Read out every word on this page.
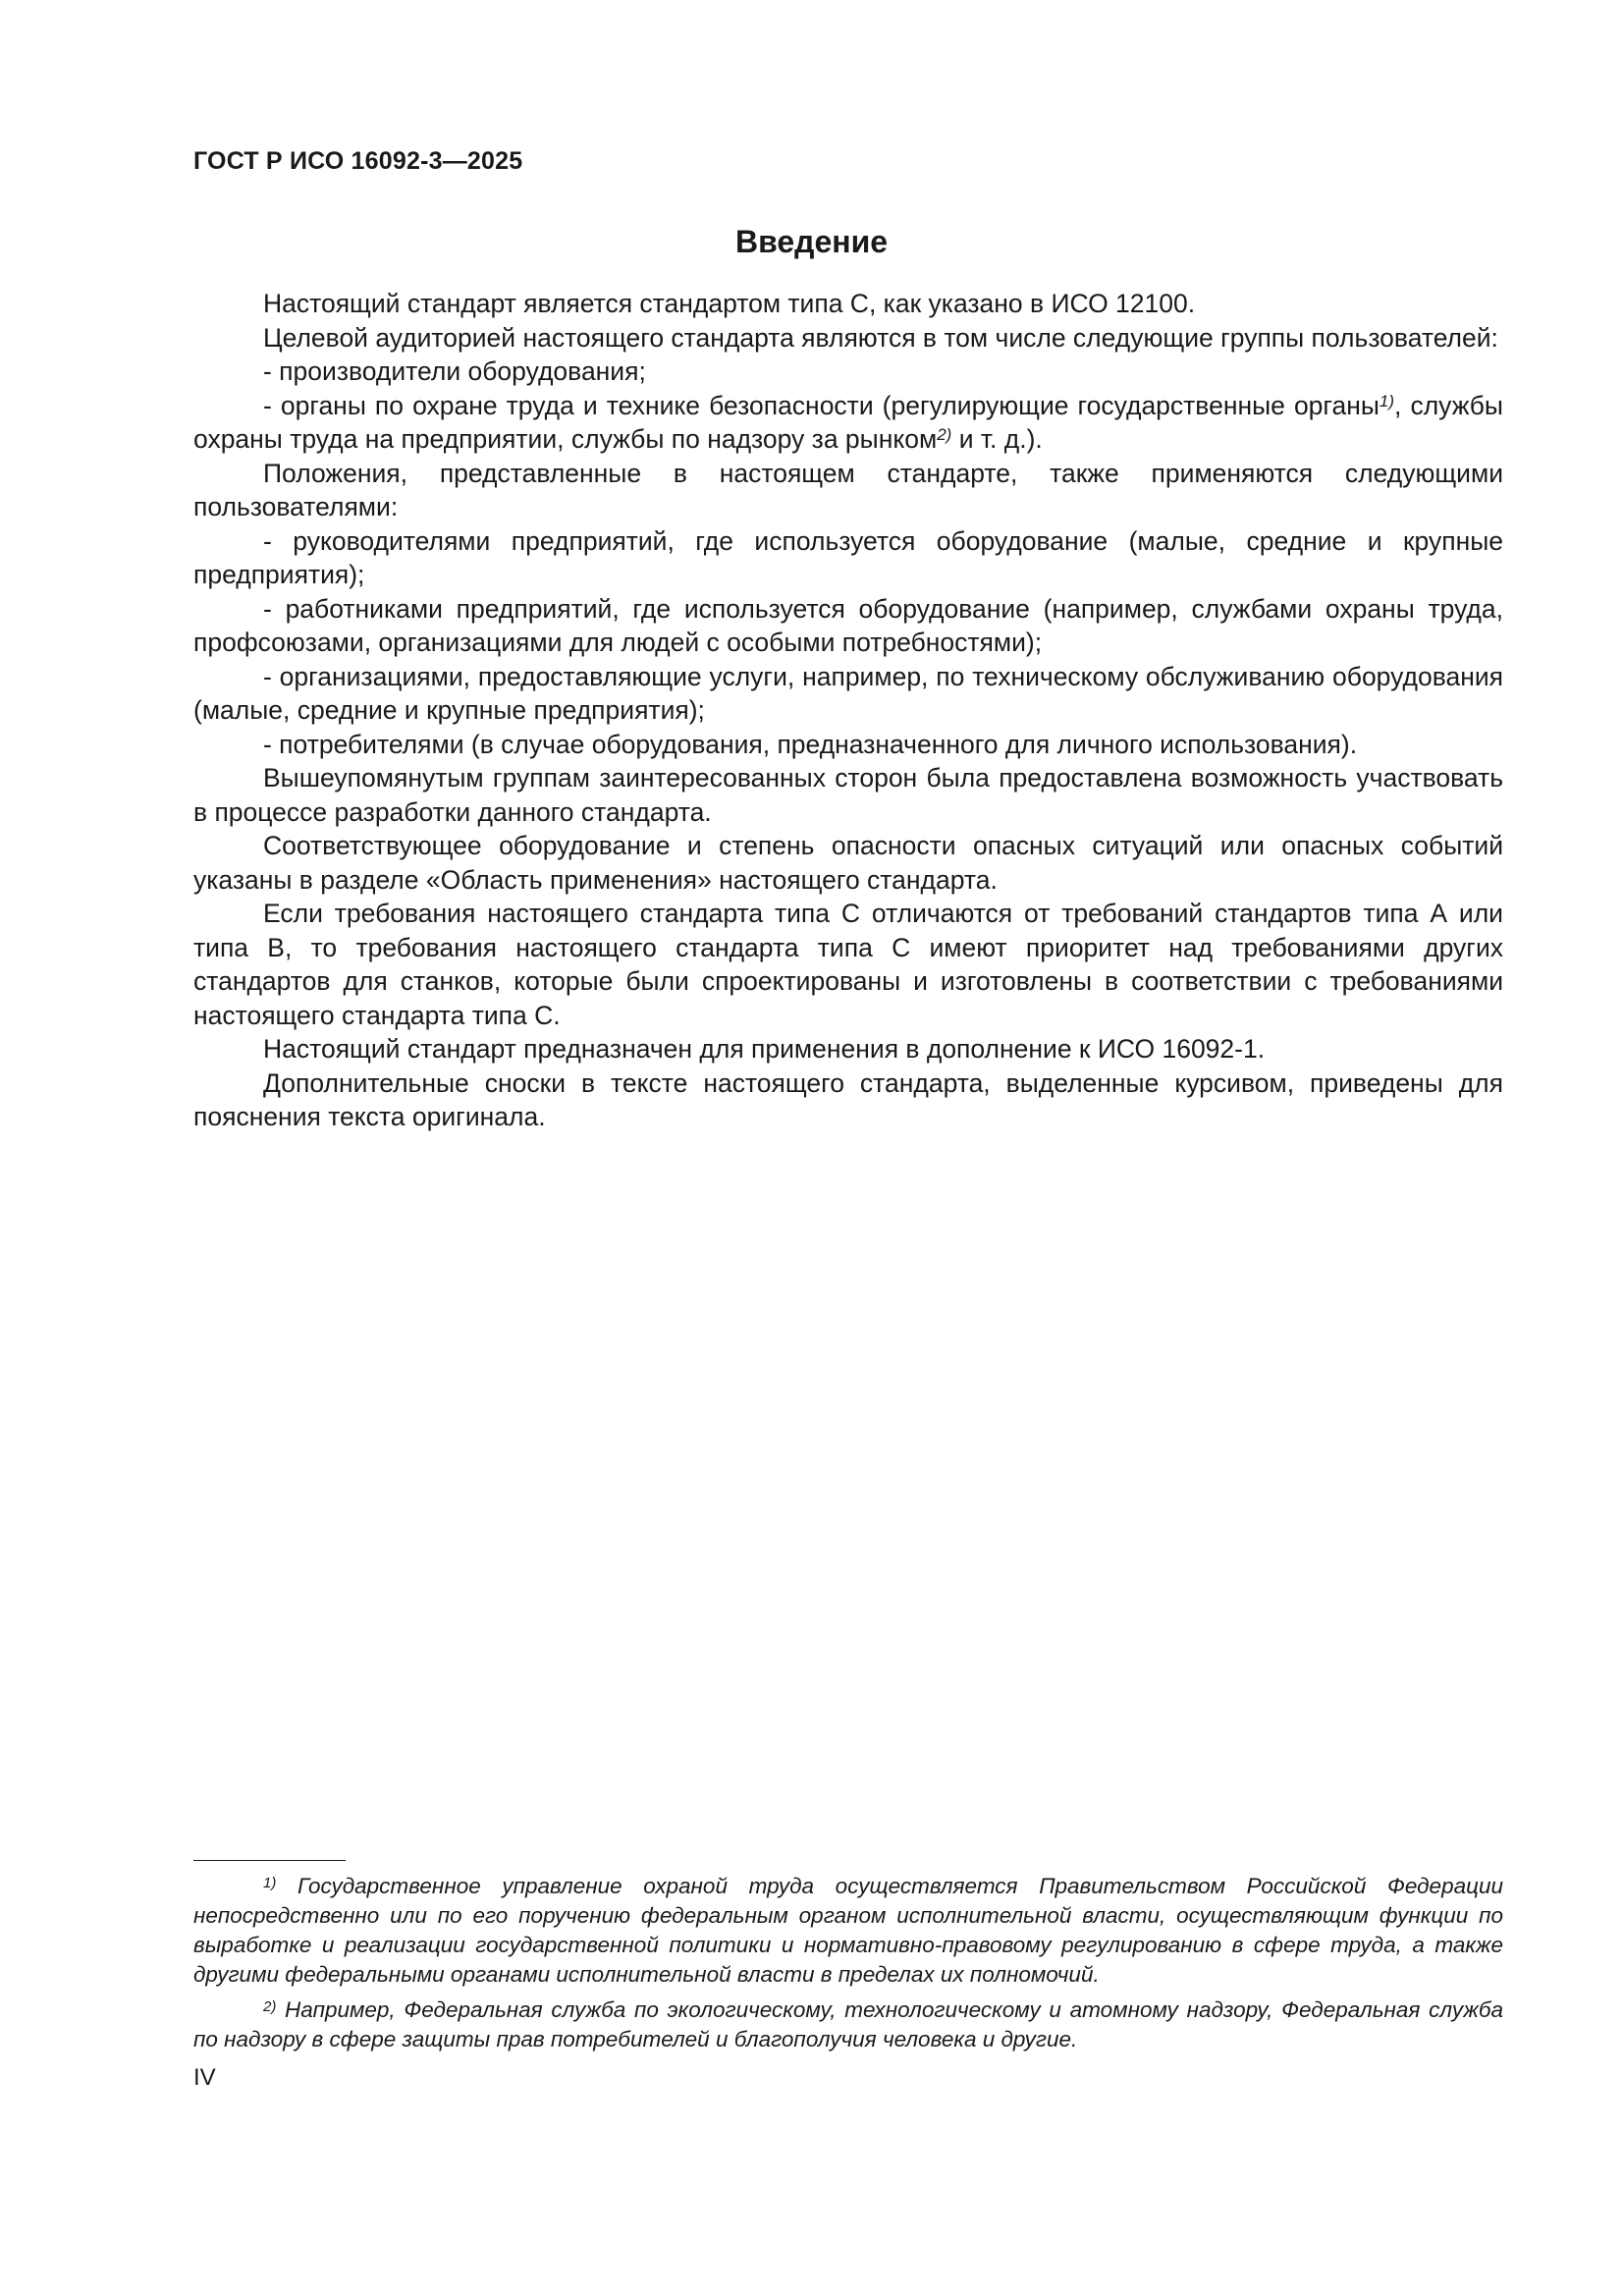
ГОСТ Р ИСО 16092-3—2025
Введение

Настоящий стандарт является стандартом типа С, как указано в ИСО 12100.

Целевой аудиторией настоящего стандарта являются в том числе следующие группы пользователей:

- производители оборудования;

- органы по охране труда и технике безопасности (регулирующие государственные органы$^{1)}$, службы охраны труда на предприятии, службы по надзору за рынком$^{2)}$ и т. д.).

Положения, представленные в настоящем стандарте, также применяются следующими пользователями:

- руководителями предприятий, где используется оборудование (малые, средние и крупные предприятия);

- работниками предприятий, где используется оборудование (например, службами охраны труда, профсоюзами, организациями для людей с особыми потребностями);

- организациями, предоставляющие услуги, например, по техническому обслуживанию оборудования (малые, средние и крупные предприятия);

- потребителями (в случае оборудования, предназначенного для личного использования).

Вышеупомянутым группам заинтересованных сторон была предоставлена возможность участвовать в процессе разработки данного стандарта.

Соответствующее оборудование и степень опасности опасных ситуаций или опасных событий указаны в разделе «Область применения» настоящего стандарта.

Если требования настоящего стандарта типа С отличаются от требований стандартов типа А или типа В, то требования настоящего стандарта типа С имеют приоритет над требованиями других стандартов для станков, которые были спроектированы и изготовлены в соответствии с требованиями настоящего стандарта типа С.

Настоящий стандарт предназначен для применения в дополнение к ИСО 16092-1.

Дополнительные сноски в тексте настоящего стандарта, выделенные курсивом, приведены для пояснения текста оригинала.

$^{1)}$ Государственное управление охраной труда осуществляется Правительством Российской Федерации непосредственно или по его поручению федеральным органом исполнительной власти, осуществляющим функции по выработке и реализации государственной политики и нормативно-правовому регулированию в сфере труда, а также другими федеральными органами исполнительной власти в пределах их полномочий.

$^{2)}$ Например, Федеральная служба по экологическому, технологическому и атомному надзору, Федеральная служба по надзору в сфере защиты прав потребителей и благополучия человека и другие.

IV
